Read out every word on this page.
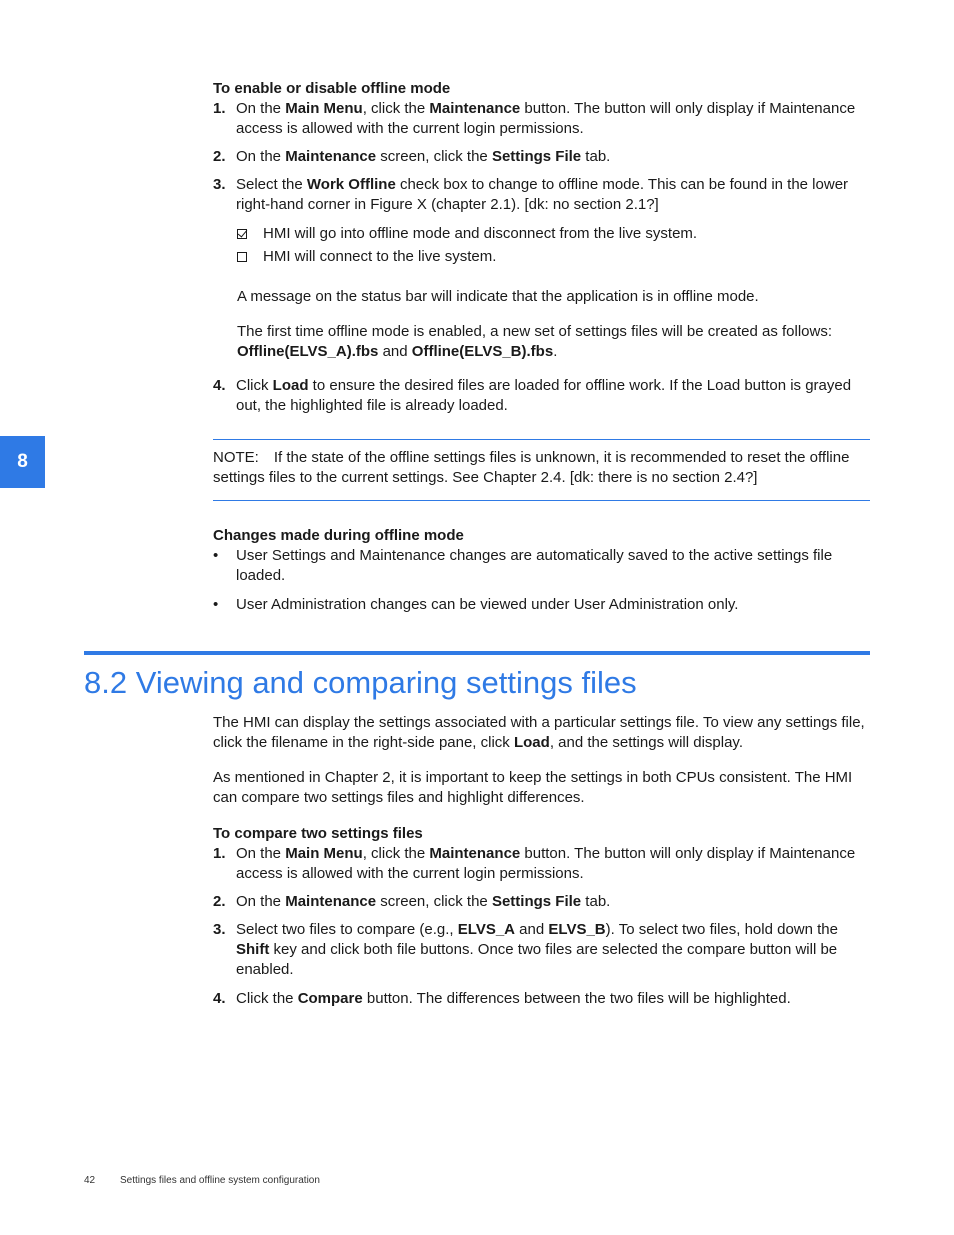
8
To enable or disable offline mode
1. On the Main Menu, click the Maintenance button. The button will only display if Maintenance access is allowed with the current login permissions.
2. On the Maintenance screen, click the Settings File tab.
3. Select the Work Offline check box to change to offline mode. This can be found in the lower right-hand corner in Figure X (chapter 2.1). [dk: no section 2.1?]
HMI will go into offline mode and disconnect from the live system.
HMI will connect to the live system.
A message on the status bar will indicate that the application is in offline mode.
The first time offline mode is enabled, a new set of settings files will be created as follows: Offline(ELVS_A).fbs and Offline(ELVS_B).fbs.
4. Click Load to ensure the desired files are loaded for offline work. If the Load button is grayed out, the highlighted file is already loaded.
NOTE: If the state of the offline settings files is unknown, it is recommended to reset the offline settings files to the current settings. See Chapter 2.4. [dk: there is no section 2.4?]
Changes made during offline mode
• User Settings and Maintenance changes are automatically saved to the active settings file loaded.
• User Administration changes can be viewed under User Administration only.
8.2 Viewing and comparing settings files
The HMI can display the settings associated with a particular settings file. To view any settings file, click the filename in the right-side pane, click Load, and the settings will display.
As mentioned in Chapter 2, it is important to keep the settings in both CPUs consistent. The HMI can compare two settings files and highlight differences.
To compare two settings files
1. On the Main Menu, click the Maintenance button. The button will only display if Maintenance access is allowed with the current login permissions.
2. On the Maintenance screen, click the Settings File tab.
3. Select two files to compare (e.g., ELVS_A and ELVS_B). To select two files, hold down the Shift key and click both file buttons. Once two files are selected the compare button will be enabled.
4. Click the Compare button. The differences between the two files will be highlighted.
42 Settings files and offline system configuration
